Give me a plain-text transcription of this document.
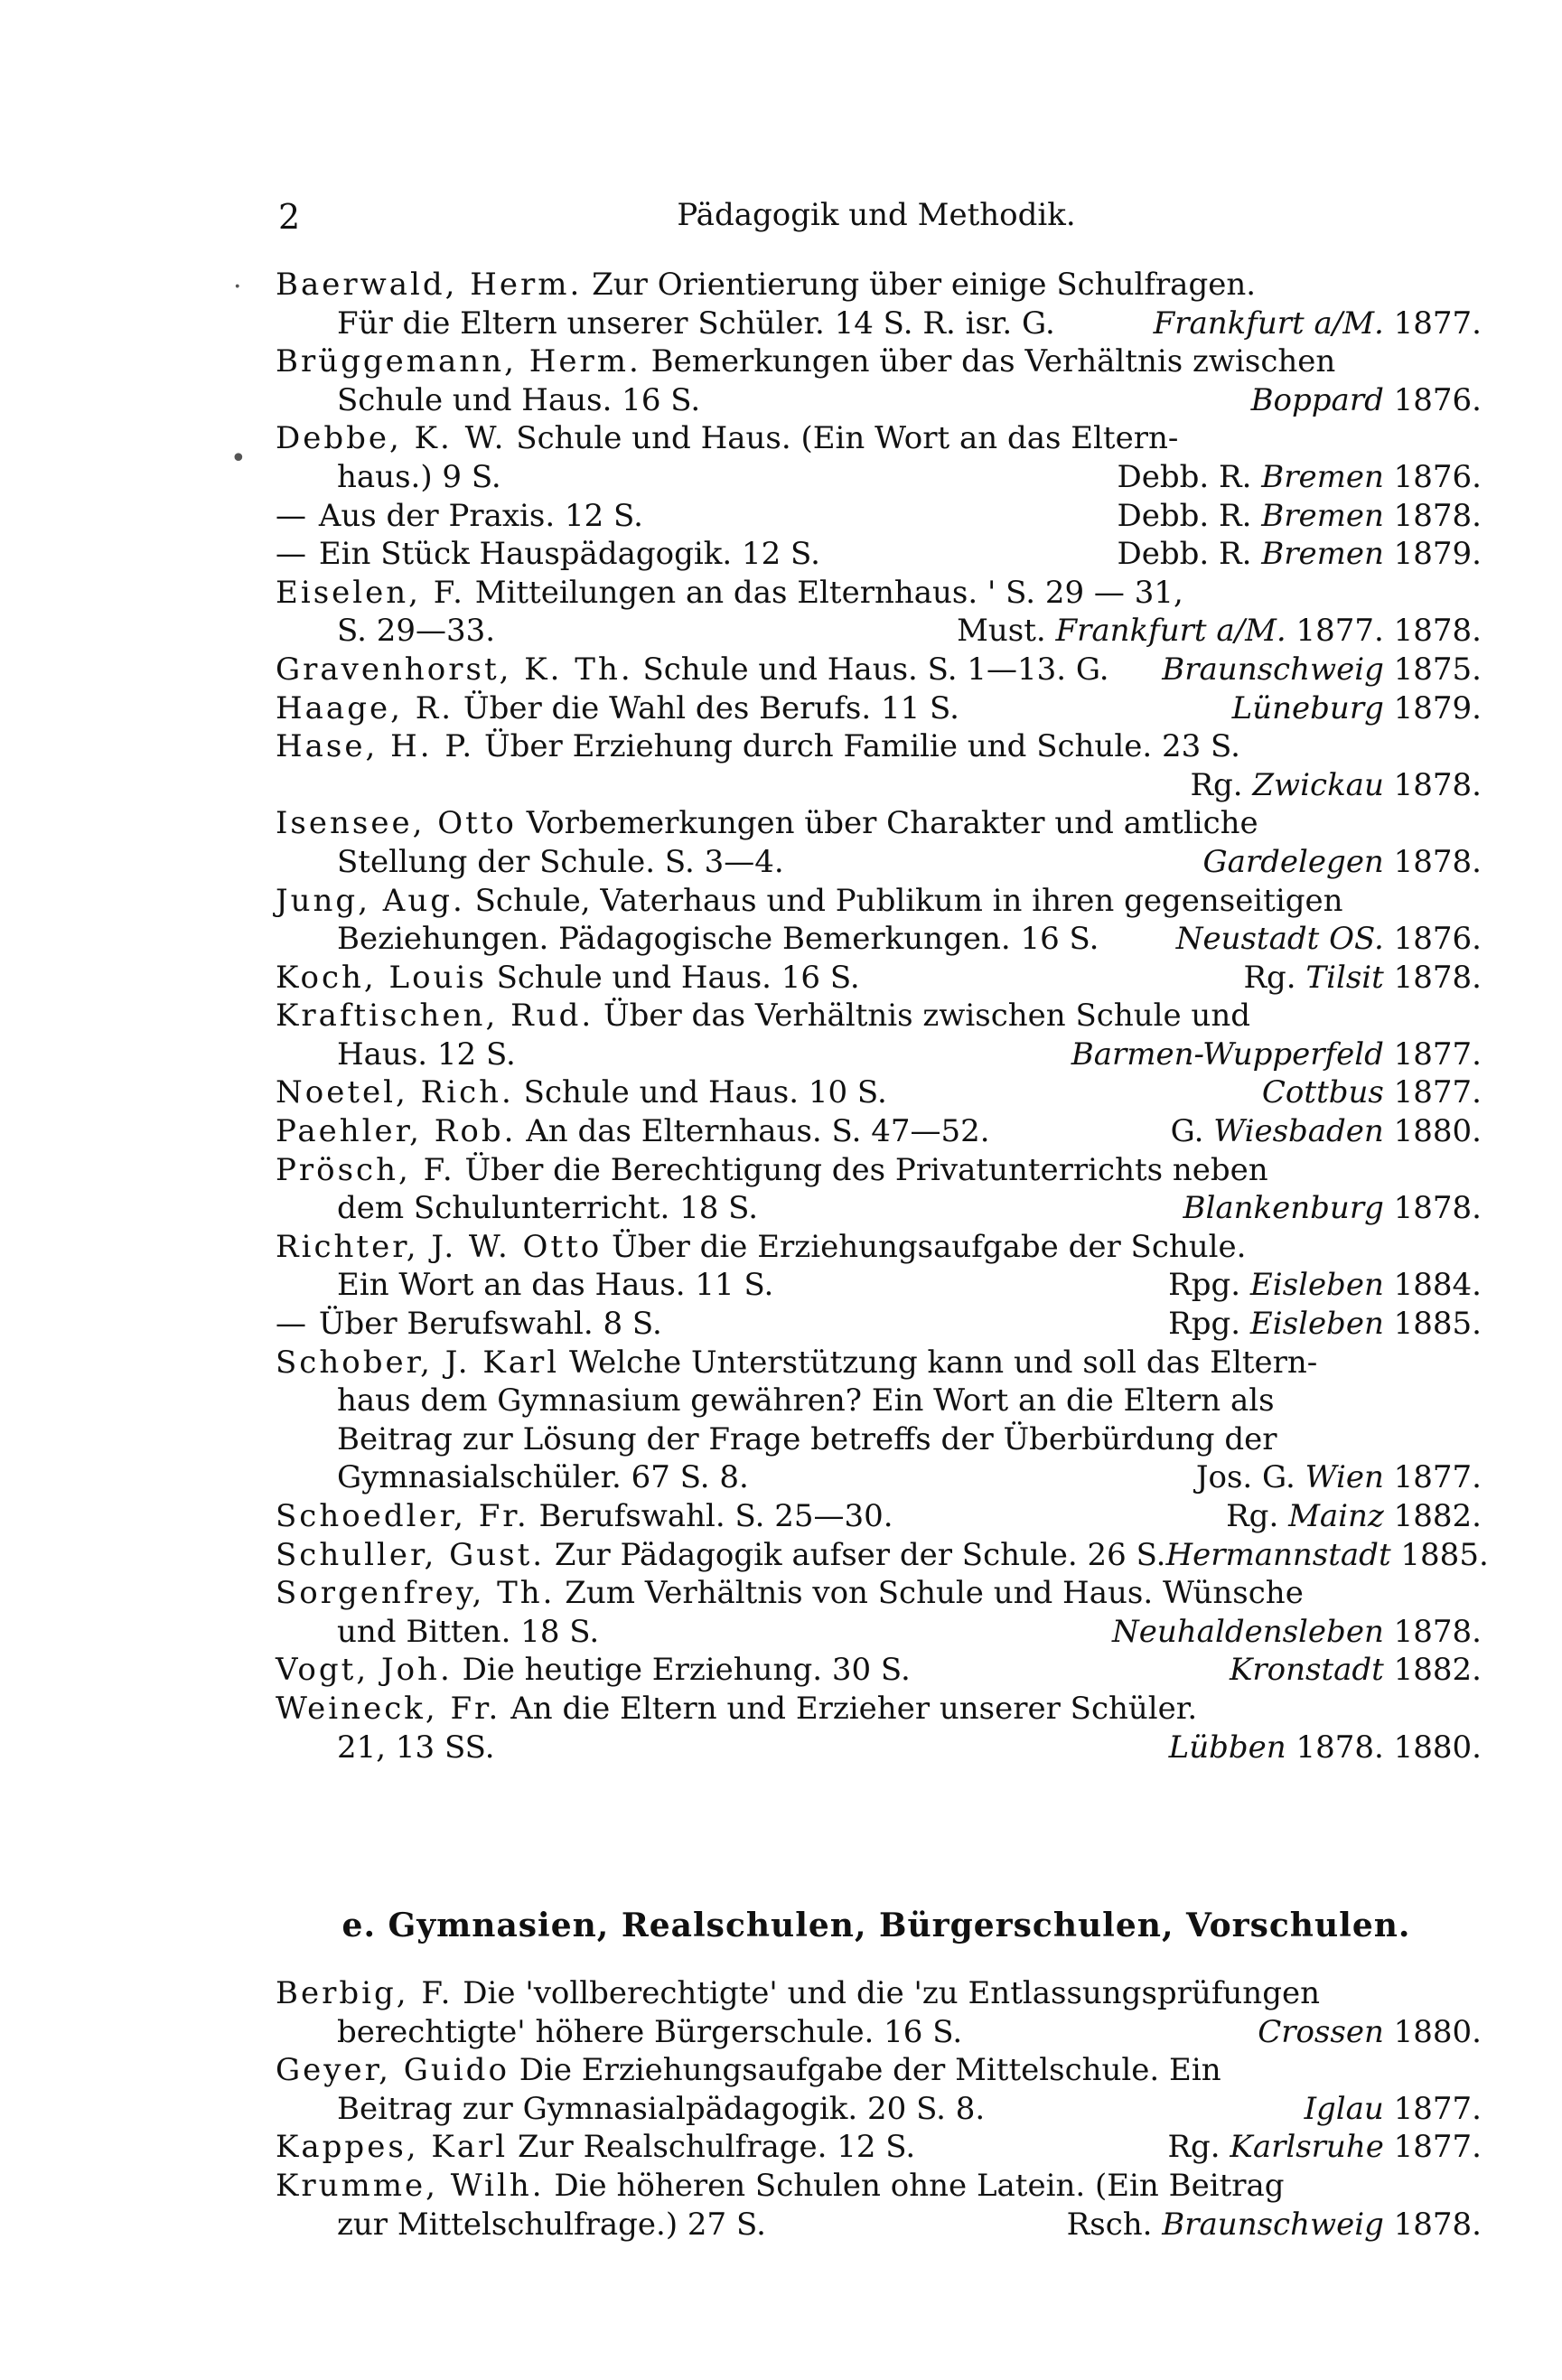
2	Pädagogik und Methodik.
Baerwald, Herm. Zur Orientierung über einige Schulfragen.
Für die Eltern unserer Schüler. 14 S. R. isr. G.	Frankfurt a/M. 1877.
Brüggemann, Herm. Bemerkungen über das Verhältnis zwischen
Schule und Haus. 16 S.	Boppard 1876.
Debbe, K. W. Schule und Haus. (Ein Wort an das Eltern-
haus.) 9 S.	Debb. R. Bremen 1876.
— Aus der Praxis. 12 S.	Debb. R. Bremen 1878.
— Ein Stück Hauspädagogik. 12 S.	Debb. R. Bremen 1879.
Eiselen, F. Mitteilungen an das Elternhaus. ' S. 29 — 31,
S. 29—33.	Must. Frankfurt a/M. 1877. 1878.
Gravenhorst, K. Th. Schule und Haus. S. 1—13. G.	Braunschweig 1875.
Haage, R. Über die Wahl des Berufs. 11 S.	Lüneburg 1879.
Hase, H. P. Über Erziehung durch Familie und Schule. 23 S.
Rg. Zwickau 1878.
Isensee, Otto Vorbemerkungen über Charakter und amtliche
Stellung der Schule. S. 3—4.	Gardelegen 1878.
Jung, Aug. Schule, Vaterhaus und Publikum in ihren gegenseitigen
Beziehungen. Pädagogische Bemerkungen. 16 S.	Neustadt OS. 1876.
Koch, Louis Schule und Haus. 16 S.	Rg. Tilsit 1878.
Kraftischen, Rud. Über das Verhältnis zwischen Schule und
Haus. 12 S.	Barmen-Wupperfeld 1877.
Noetel, Rich. Schule und Haus. 10 S.	Cottbus 1877.
Paehler, Rob. An das Elternhaus. S. 47—52.	G. Wiesbaden 1880.
Prösch, F. Über die Berechtigung des Privatunterrichts neben
dem Schulunterricht. 18 S.	Blankenburg 1878.
Richter, J. W. Otto Über die Erziehungsaufgabe der Schule.
Ein Wort an das Haus. 11 S.	Rpg. Eisleben 1884.
— Über Berufswahl. 8 S.	Rpg. Eisleben 1885.
Schober, J. Karl Welche Unterstützung kann und soll das Eltern-
haus dem Gymnasium gewähren? Ein Wort an die Eltern als
Beitrag zur Lösung der Frage betreffs der Überbürdung der
Gymnasialschüler. 67 S. 8.	Jos. G. Wien 1877.
Schoedler, Fr. Berufswahl. S. 25—30.	Rg. Mainz 1882.
Schuller, Gust. Zur Pädagogik aufser der Schule. 26 S. Hermannstadt 1885.
Sorgenfrey, Th. Zum Verhältnis von Schule und Haus. Wünsche
und Bitten. 18 S.	Neuhaldensleben 1878.
Vogt, Joh. Die heutige Erziehung. 30 S.	Kronstadt 1882.
Weineck, Fr. An die Eltern und Erzieher unserer Schüler.
21, 13 SS.	Lübben 1878. 1880.
e. Gymnasien, Realschulen, Bürgerschulen, Vorschulen.
Berbig, F. Die 'vollberechtigte' und die 'zu Entlassungsprüfungen
berechtigte' höhere Bürgerschule. 16 S.	Crossen 1880.
Geyer, Guido Die Erziehungsaufgabe der Mittelschule. Ein
Beitrag zur Gymnasialpädagogik. 20 S. 8.	Iglau 1877.
Kappes, Karl Zur Realschulfrage. 12 S.	Rg. Karlsruhe 1877.
Krumme, Wilh. Die höheren Schulen ohne Latein. (Ein Beitrag
zur Mittelschulfrage.) 27 S.	Rsch. Braunschweig 1878.
·
•
